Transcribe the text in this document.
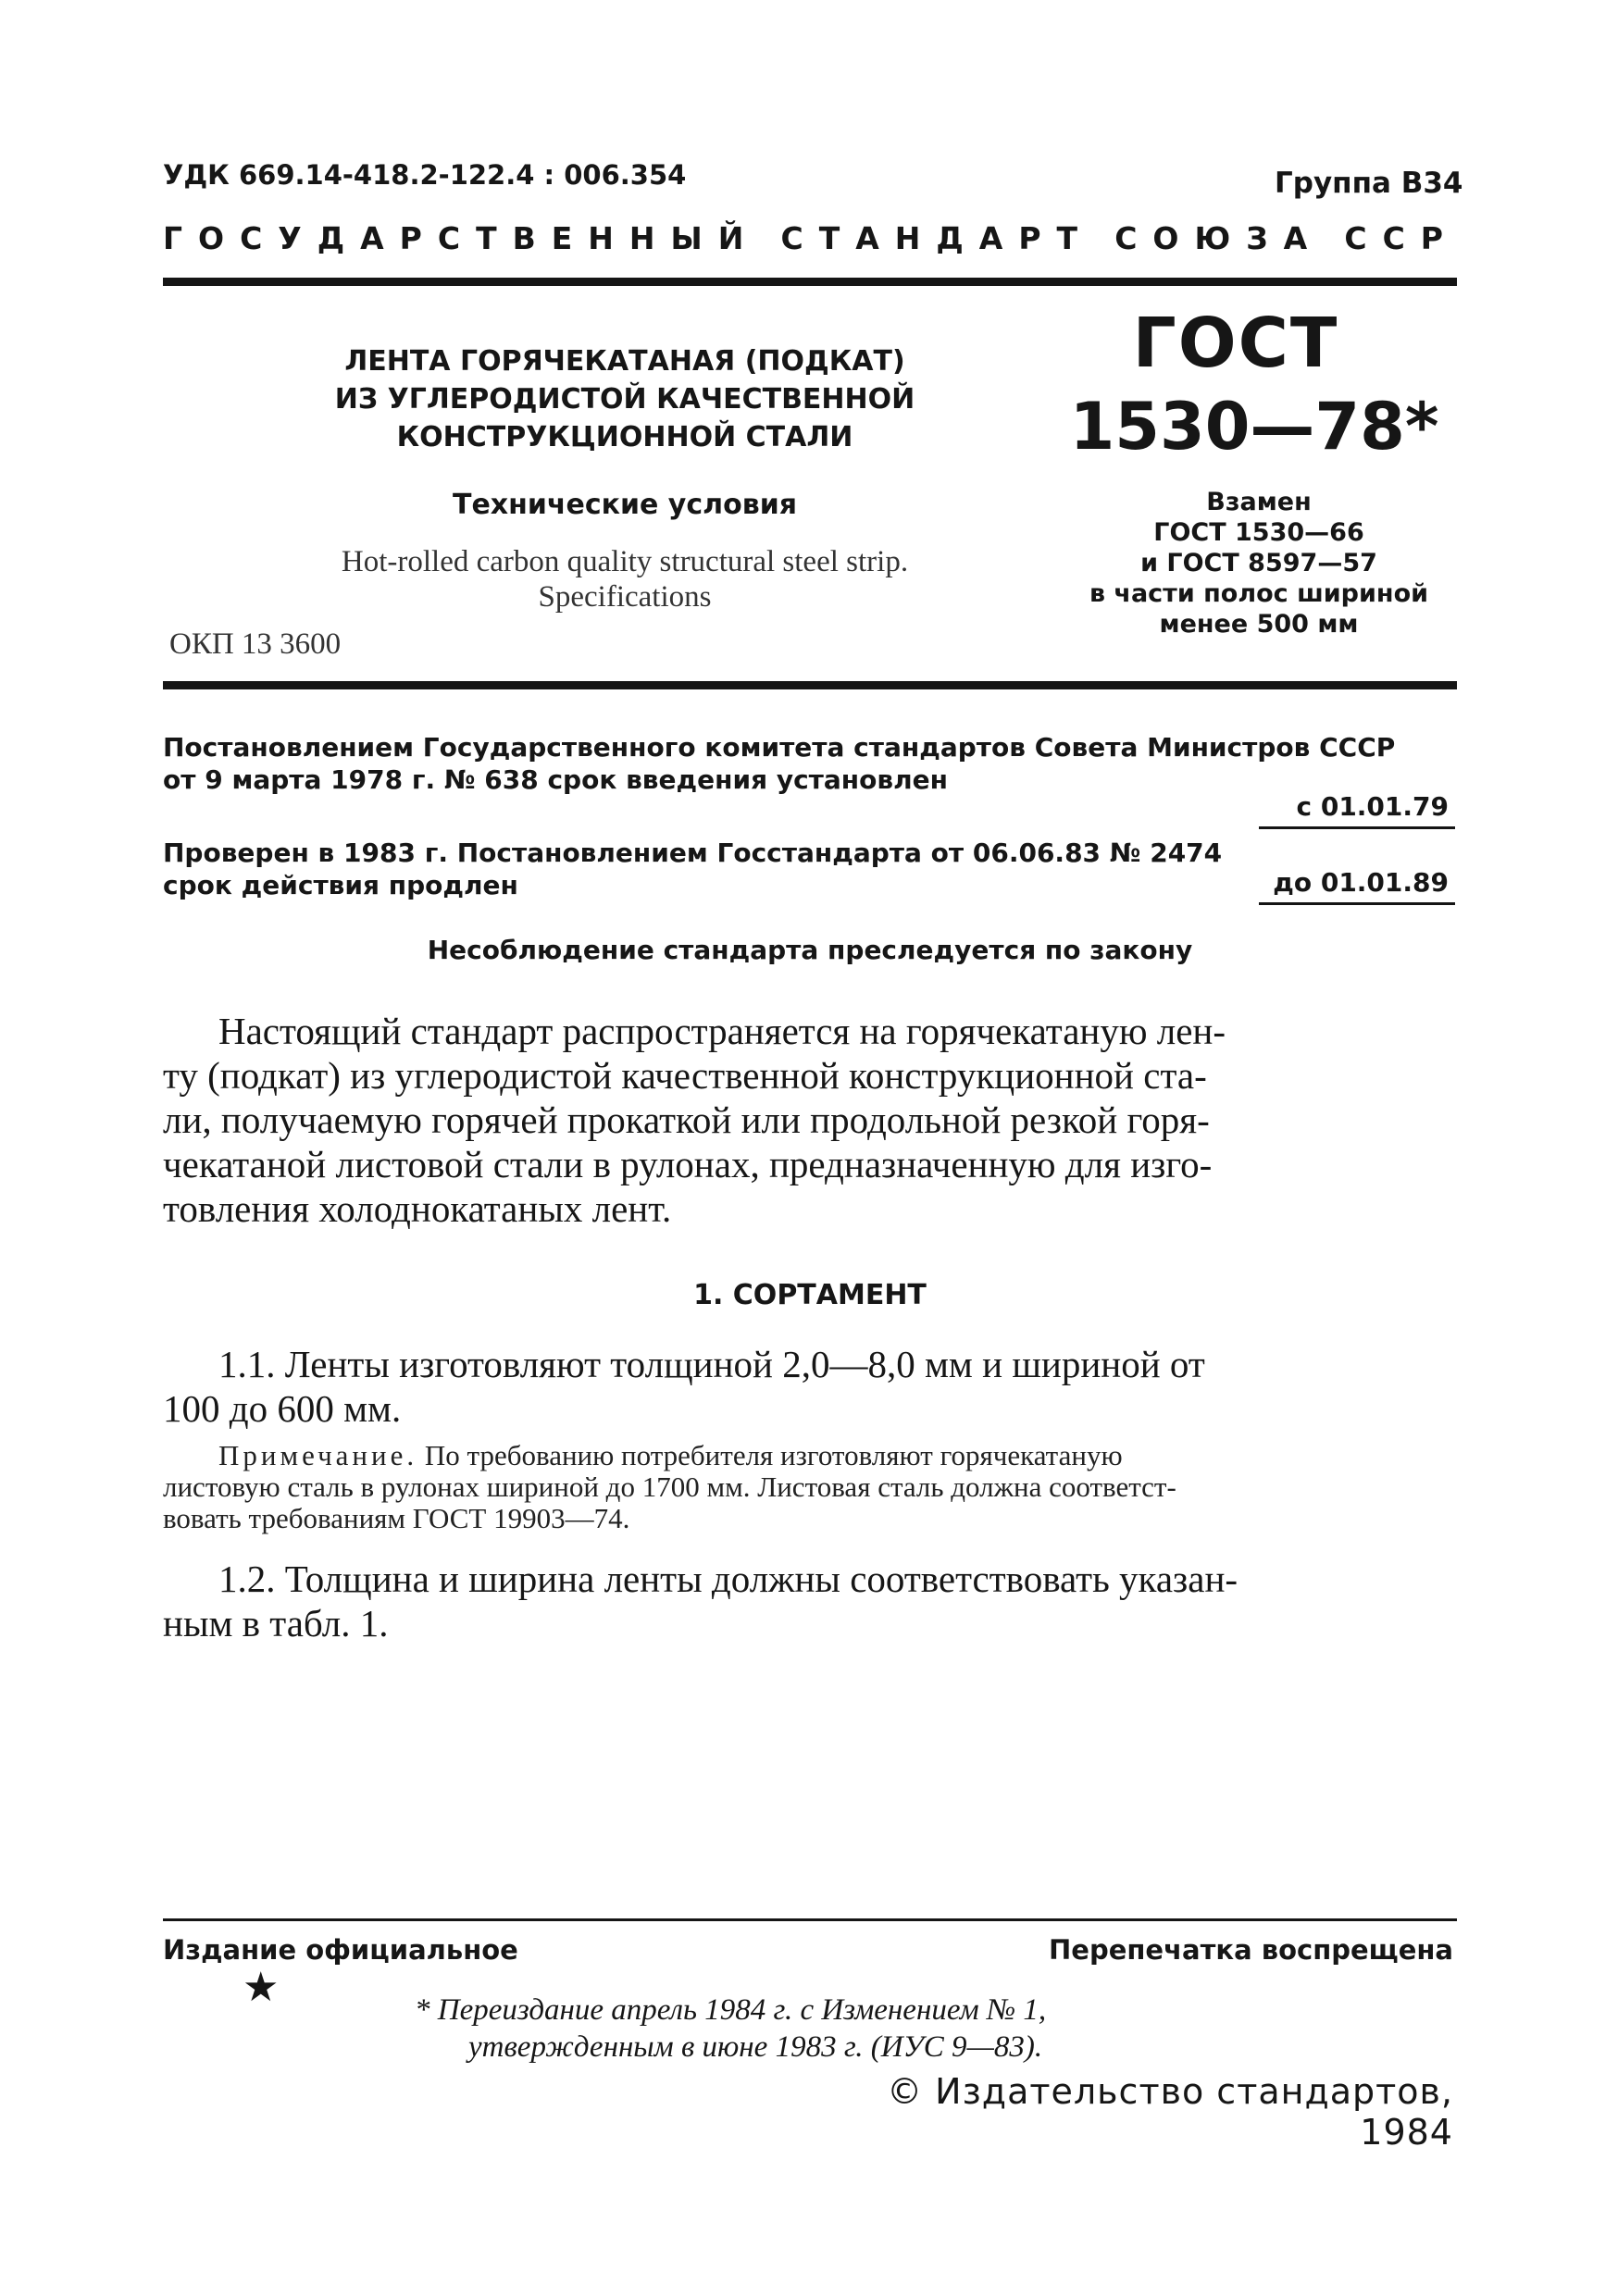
УДК 669.14-418.2-122.4 : 006.354	Группа В34
ГОСУДАРСТВЕННЫЙ СТАНДАРТ СОЮЗА ССР
ЛЕНТА ГОРЯЧЕКАТАНАЯ (ПОДКАТ)
ИЗ УГЛЕРОДИСТОЙ КАЧЕСТВЕННОЙ
КОНСТРУКЦИОННОЙ СТАЛИ
Технические условия
Hot-rolled carbon quality structural steel strip.
Specifications
ОКП 13 3600
ГОСТ
1530—78*
Взамен
ГОСТ 1530—66
и ГОСТ 8597—57
в части полос шириной
менее 500 мм
Постановлением Государственного комитета стандартов Совета Министров СССР
от 9 марта 1978 г. № 638 срок введения установлен
с 01.01.79
Проверен в 1983 г. Постановлением Госстандарта от 06.06.83 № 2474
срок действия продлен	до 01.01.89
Несоблюдение стандарта преследуется по закону

Настоящий стандарт распространяется на горячекатаную лен-

ту (подкат) из углеродистой качественной конструкционной ста-

ли, получаемую горячей прокаткой или продольной резкой горя-

чекатаной листовой стали в рулонах, предназначенную для изго-

товления холоднокатаных лент.

1. СОРТАМЕНТ

1.1. Ленты изготовляют толщиной 2,0—8,0 мм и шириной от

100 до 600 мм.

Примечание. По требованию потребителя изготовляют горячекатаную

листовую сталь в рулонах шириной до 1700 мм. Листовая сталь должна соответст-

вовать требованиям ГОСТ 19903—74.

1.2. Толщина и ширина ленты должны соответствовать указан-

ным в табл. 1.

Издание официальное	Перепечатка воспрещена
★	* Переиздание апрель 1984 г. с Изменением № 1,
утвержденным в июне 1983 г. (ИУС 9—83).
© Издательство стандартов, 1984
